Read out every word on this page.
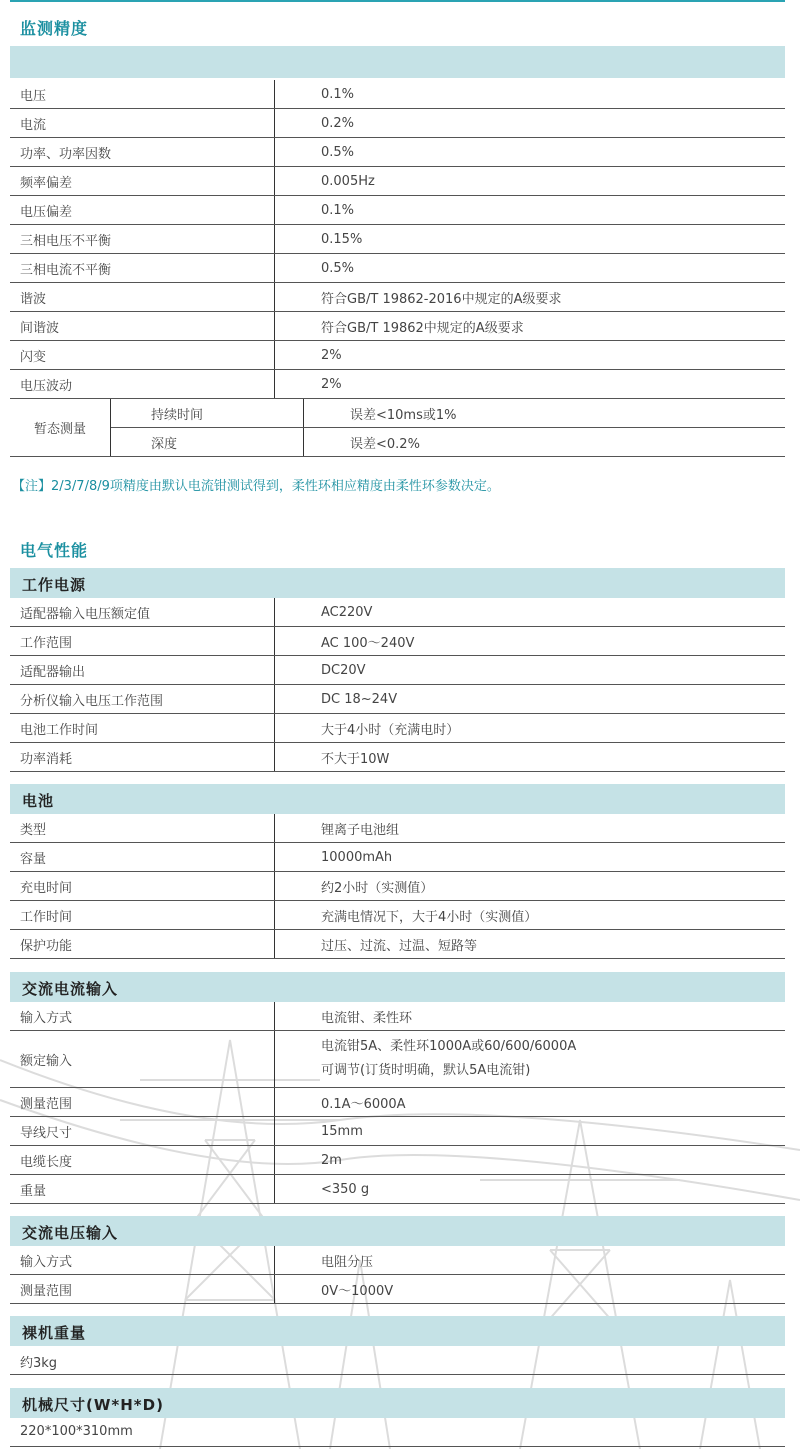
监测精度
电压	0.1%
电流	0.2%
功率、功率因数	0.5%
频率偏差	0.005Hz
电压偏差	0.1%
三相电压不平衡	0.15%
三相电流不平衡	0.5%
谐波	符合GB/T 19862-2016中规定的A级要求
间谐波	符合GB/T 19862中规定的A级要求
闪变	2%
电压波动	2%
暂态测量	持续时间	误差<10ms或1%
	深度	误差<0.2%
【注】2/3/7/8/9项精度由默认电流钳测试得到，柔性环相应精度由柔性环参数决定。
电气性能
工作电源
适配器输入电压额定值	AC220V
工作范围	AC 100～240V
适配器输出	DC20V
分析仪输入电压工作范围	DC 18~24V
电池工作时间	大于4小时（充满电时）
功率消耗	不大于10W
电池
类型	锂离子电池组
容量	10000mAh
充电时间	约2小时（实测值）
工作时间	充满电情况下，大于4小时（实测值）
保护功能	过压、过流、过温、短路等
交流电流输入
输入方式	电流钳、柔性环
额定输入	电流钳5A、柔性环1000A或60/600/6000A
可调节(订货时明确，默认5A电流钳)

测量范围	0.1A～6000A
导线尺寸	15mm
电缆长度	2m
重量	<350 g
交流电压输入
输入方式	电阻分压
测量范围	0V～1000V
裸机重量
约3kg
机械尺寸(W*H*D)
220*100*310mm
